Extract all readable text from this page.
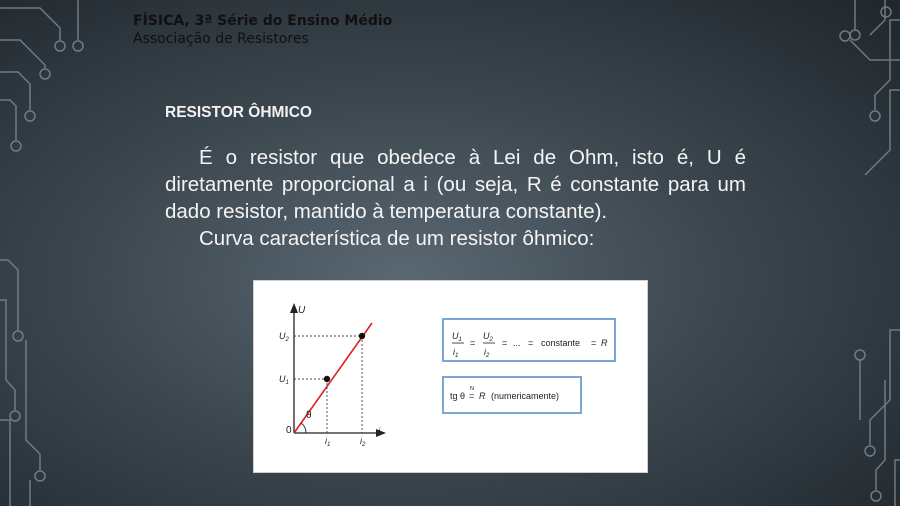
FÍSICA, 3ª Série do Ensino Médio
Associação de Resistores
RESISTOR ÔHMICO
É o resistor que obedece à Lei de Ohm, isto é, U é diretamente proporcional a i (ou seja, R é constante para um dado resistor, mantido à temperatura constante).
Curva característica de um resistor ôhmico:
U
i
0
θ
$U_1$
$U_2$
$i_1$	$i_2$
$U_1$
$i_1$
=
$U_2$
$i_2$
= ... = constante = R
tg θ
N
= R (numericamente)
Imagem: SEE-PE, redesenhado a partir de imagem de Autor Desconhecido.
